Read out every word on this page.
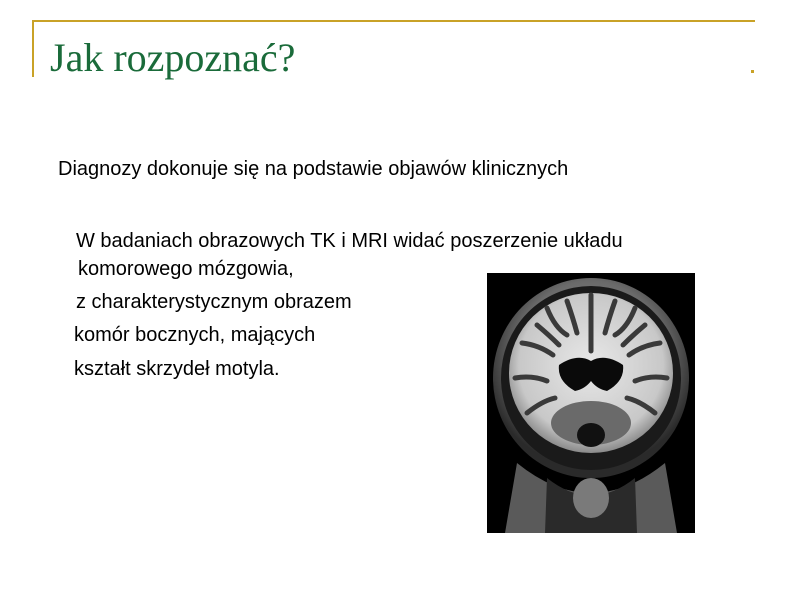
Jak rozpoznać?

Diagnozy dokonuje się na podstawie objawów klinicznych

W badaniach obrazowych TK i MRI widać poszerzenie układu

komorowego mózgowia,

z charakterystycznym obrazem

komór bocznych, mających

kształt skrzydeł motyla.
